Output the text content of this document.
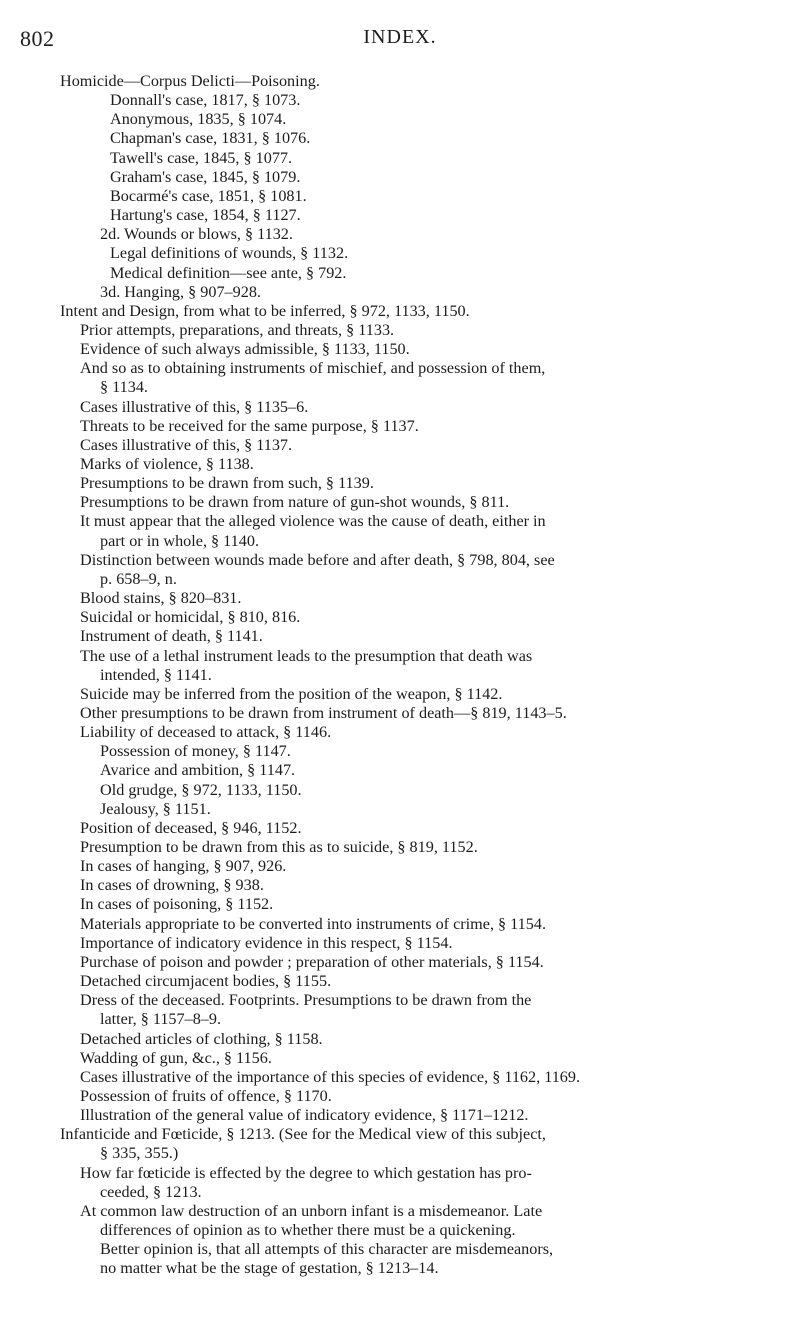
802	INDEX.
Homicide—Corpus Delicti—Poisoning.
Donnall's case, 1817, § 1073.
Anonymous, 1835, § 1074.
Chapman's case, 1831, § 1076.
Tawell's case, 1845, § 1077.
Graham's case, 1845, § 1079.
Bocarmé's case, 1851, § 1081.
Hartung's case, 1854, § 1127.
2d. Wounds or blows, § 1132.
Legal definitions of wounds, § 1132.
Medical definition—see ante, § 792.
3d. Hanging, § 907–928.
Intent and Design, from what to be inferred, § 972, 1133, 1150.
Prior attempts, preparations, and threats, § 1133.
Evidence of such always admissible, § 1133, 1150.
And so as to obtaining instruments of mischief, and possession of them,
§ 1134.
Cases illustrative of this, § 1135–6.
Threats to be received for the same purpose, § 1137.
Cases illustrative of this, § 1137.
Marks of violence, § 1138.
Presumptions to be drawn from such, § 1139.
Presumptions to be drawn from nature of gun-shot wounds, § 811.
It must appear that the alleged violence was the cause of death, either in
part or in whole, § 1140.
Distinction between wounds made before and after death, § 798, 804, see
p. 658–9, n.
Blood stains, § 820–831.
Suicidal or homicidal, § 810, 816.
Instrument of death, § 1141.
The use of a lethal instrument leads to the presumption that death was
intended, § 1141.
Suicide may be inferred from the position of the weapon, § 1142.
Other presumptions to be drawn from instrument of death—§ 819, 1143–5.
Liability of deceased to attack, § 1146.
Possession of money, § 1147.
Avarice and ambition, § 1147.
Old grudge, § 972, 1133, 1150.
Jealousy, § 1151.
Position of deceased, § 946, 1152.
Presumption to be drawn from this as to suicide, § 819, 1152.
In cases of hanging, § 907, 926.
In cases of drowning, § 938.
In cases of poisoning, § 1152.
Materials appropriate to be converted into instruments of crime, § 1154.
Importance of indicatory evidence in this respect, § 1154.
Purchase of poison and powder ; preparation of other materials, § 1154.
Detached circumjacent bodies, § 1155.
Dress of the deceased. Footprints. Presumptions to be drawn from the
latter, § 1157–8–9.
Detached articles of clothing, § 1158.
Wadding of gun, &c., § 1156.
Cases illustrative of the importance of this species of evidence, § 1162, 1169.
Possession of fruits of offence, § 1170.
Illustration of the general value of indicatory evidence, § 1171–1212.
Infanticide and Fœticide, § 1213. (See for the Medical view of this subject,
§ 335, 355.)
How far fœticide is effected by the degree to which gestation has pro-
ceeded, § 1213.
At common law destruction of an unborn infant is a misdemeanor. Late
differences of opinion as to whether there must be a quickening.
Better opinion is, that all attempts of this character are misdemeanors,
no matter what be the stage of gestation, § 1213–14.
